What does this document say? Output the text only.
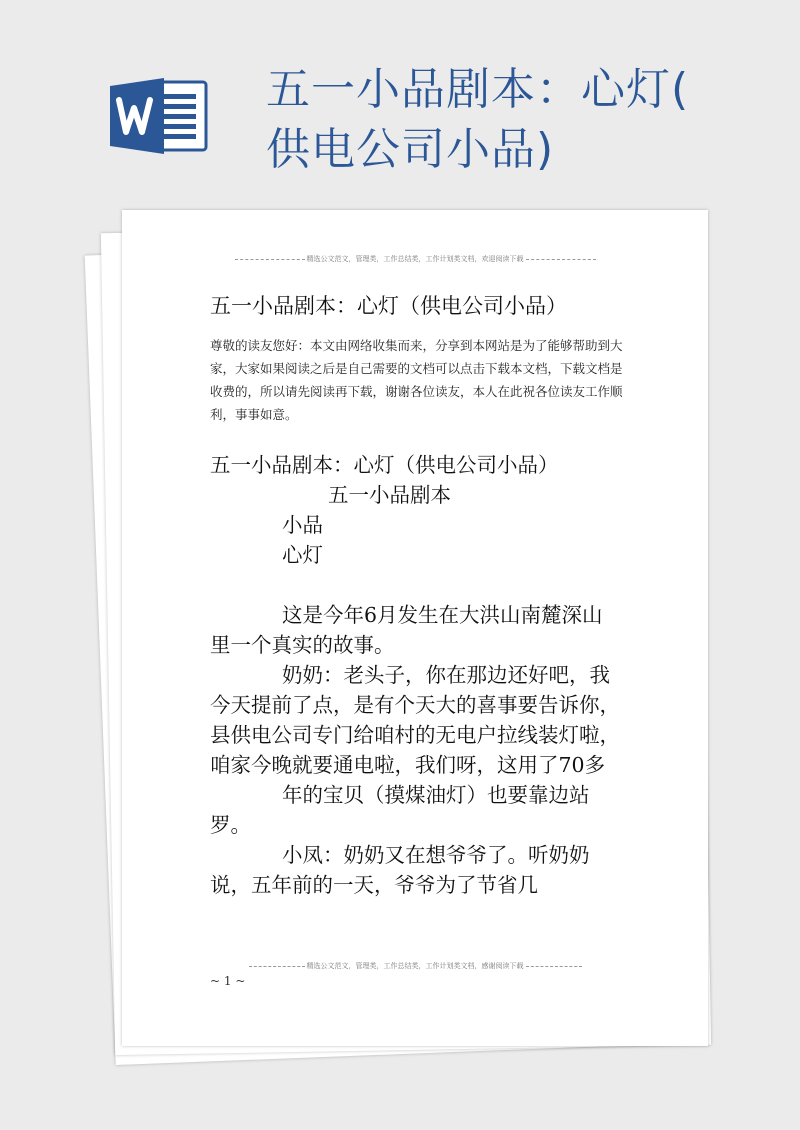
五一小品剧本：心灯(
供电公司小品)
精选公文范文，管理类，工作总结类，工作计划类文档，欢迎阅读下载
五一小品剧本：心灯（供电公司小品）
尊敬的读友您好：本文由网络收集而来，分享到本网站是为了能够帮助到大家，大家如果阅读之后是自己需要的文档可以点击下载本文档，下载文档是收费的，所以请先阅读再下载，谢谢各位读友，本人在此祝各位读友工作顺利，事事如意。

五一小品剧本：心灯（供电公司小品）

五一小品剧本

小品

心灯

这是今年6月发生在大洪山南麓深山里一个真实的故事。

奶奶：老头子，你在那边还好吧，我今天提前了点，是有个天大的喜事要告诉你，县供电公司专门给咱村的无电户拉线装灯啦，咱家今晚就要通电啦，我们呀，这用了70多

年的宝贝（摸煤油灯）也要靠边站罗。

小凤：奶奶又在想爷爷了。听奶奶说，五年前的一天，爷爷为了节省几

精选公文范文，管理类，工作总结类，工作计划类文档，感谢阅读下载
~ 1 ~
